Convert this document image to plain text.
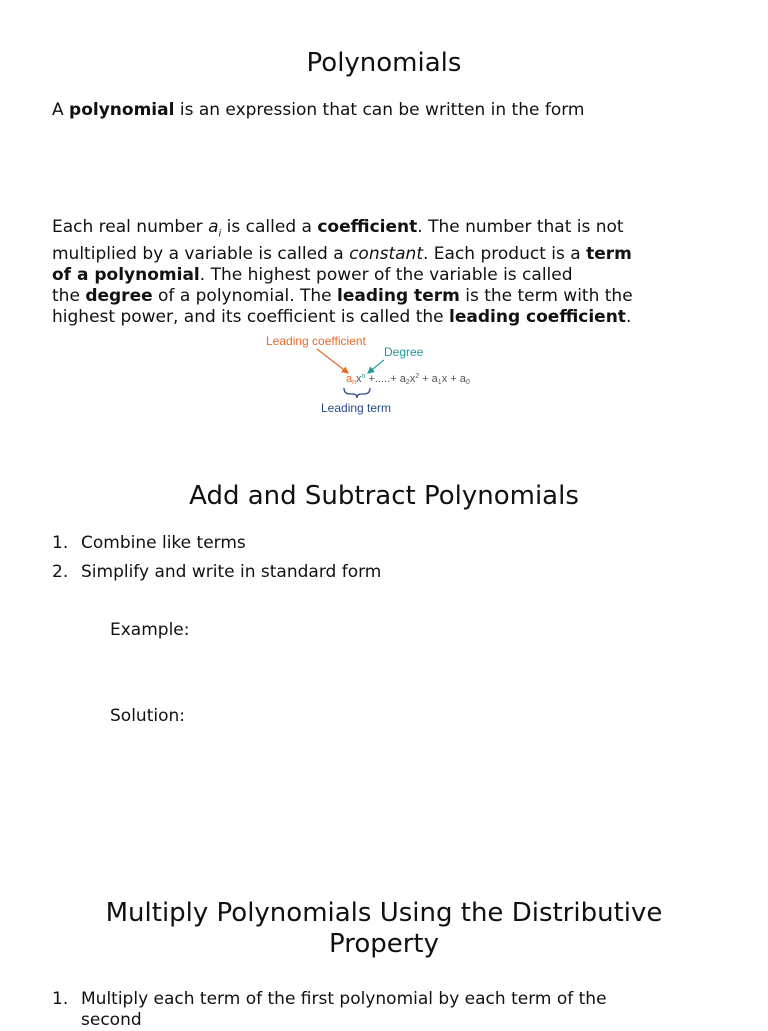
Polynomials
A polynomial is an expression that can be written in the form
Each real number $a_i$ is called a coefficient. The number that is not
multiplied by a variable is called a constant. Each product is a term
of a polynomial. The highest power of the variable is called
the degree of a polynomial. The leading term is the term with the
highest power, and its coefficient is called the leading coefficient.
Leading coefficient
Degree
anx$^n$ +.....+ $a2x^2 + a1x + a0$
Leading term
Add and Subtract Polynomials
1. Combine like terms
2. Simplify and write in standard form
Example:
Solution:
Multiply Polynomials Using the Distributive
Property
1. Multiply each term of the first polynomial by each term of the
second
